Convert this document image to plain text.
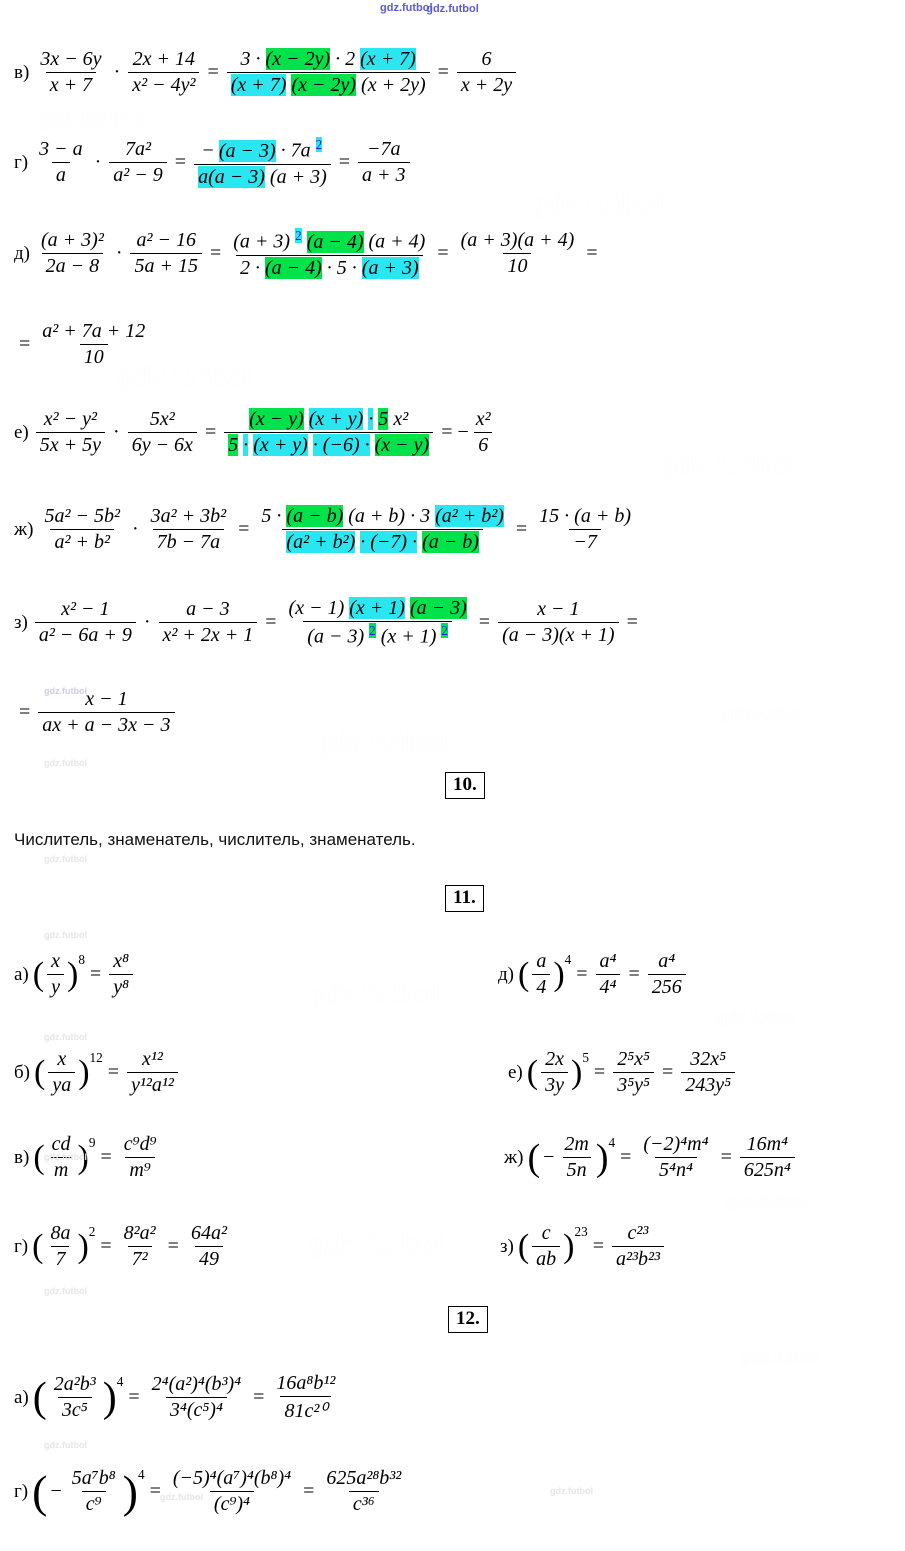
gdz.futbol
$в) \frac{3x - 6y}{x + 7} \cdot \frac{2x + 14}{\text{x² − 4y²}} = \frac{3 \cdot (x - 2y) \cdot 2 (x + 7)}{(x + 7) (x - 2y) (x + 2y)} = \frac{6}{x + 2y}$
$г) \frac{3 - a}{a} \cdot \frac{\text{7a²}}{\text{a² − 9}} = \frac{- (a - 3) \cdot 7a ^2}{a(a - 3) (a + 3)} = \frac{-7a}{a + 3}$
$д) \frac{\text{(a + 3)²}}{2a - 8} \cdot \frac{\text{a² − 16}}{5a + 15} = \frac{(a + 3) ^2 (a - 4) (a + 4)}{2 \cdot (a - 4) \cdot 5 \cdot (a + 3)} = \frac{(a + 3)(a + 4)}{10}$ =
= $\frac{\text{a² + 7a + 12}}{10}$
$е) \frac{\text{x² − y²}}{5x + 5y} \cdot \frac{\text{5x²}}{6y - 6x} = \frac{\text{(x − y) (x + y) · 5 x²}}{5 \cdot (x + y) \cdot (-6) \cdot (x - y)}$ = − $\frac{\text{x²}}{6}$
$ж) \frac{\text{5a² − 5b²}}{\text{a² + b²}} \cdot \frac{\text{3a² + 3b²}}{7b - 7a} = \frac{\text{5 · (a − b) (a + b) · 3 (a² + b²)}}{\text{(a² + b²) · (−7) · (a − b)}} = \frac{15 \cdot (a + b)}{-7}$
$з) \frac{\text{x² − 1}}{\text{a² − 6a + 9}} \cdot \frac{a - 3}{\text{x² + 2x + 1}} = \frac{(x - 1) (x + 1) (a - 3)}{(a - 3) ^2 (x + 1) ^2} = \frac{x - 1}{(a - 3)(x + 1)}$ =
= $\frac{x - 1}{ax + a - 3x - 3}$
10.
Числитель, знаменатель, числитель, знаменатель.
11.
а) ( $\frac{x}{y}$ ) 8
= $\frac{\text{x⁸}}{\text{y⁸}}$
б) ( $\frac{x}{ya}$ ) 12
= $\frac{\text{x¹²}}{\text{y¹²a¹²}}$
в) ( $\frac{cd}{m}$ ) 9
= $\frac{\text{c⁹d⁹}}{\text{m⁹}}$
г) ( $\frac{8a}{7}$ ) 2
= $\frac{\text{8²a²}}{\text{7²}} = \frac{\text{64a²}}{49}$
д) ( $\frac{a}{4}$ ) 4
= $\frac{\text{a⁴}}{\text{4⁴}} = \frac{\text{a⁴}}{256}$
е) ( $\frac{2x}{3y}$ ) 5
= $\frac{\text{2⁵x⁵}}{\text{3⁵y⁵}} = \frac{\text{32x⁵}}{\text{243y⁵}}$
ж) ( − $\frac{2m}{5n}$ ) 4
= $\frac{\text{(−2)⁴m⁴}}{\text{5⁴n⁴}} = \frac{\text{16m⁴}}{\text{625n⁴}}$
з) ( $\frac{c}{ab}$ ) 23
= $\frac{\text{c²³}}{\text{a²³b²³}}$
12.
а) ( $\frac{\text{2a²b³}}{\text{3c⁵}}$ ) 4
= $\frac{\text{2⁴(a²)⁴(b³)⁴}}{\text{3⁴(c⁵)⁴}} = \frac{\text{16a⁸b¹²}}{\text{81c²⁰}}$
г) ( − $\frac{\text{5a⁷b⁸}}{\text{c⁹}}$ ) 4
= $\frac{\text{(−5)⁴(a⁷)⁴(b⁸)⁴}}{\text{(c⁹)⁴}} = \frac{\text{625a²⁸b³²}}{\text{c³⁶}}$
gdz.futbol
gdz.futbol
gdz.futbol
gdz.futbol
gdz.futbol
gdz.futbol
gdz.futbol
gdz.futbol
gdz.futbol
gdz.futbol
gdz.futbol
gdz.futbol
gdz.futbol
gdz.futbol
gdz.futbol
gdz.futbol
gdz.futbol
gdz.futbol
gdz.futbol
gdz.futbol
gdz.futbol
gdz.futbol
